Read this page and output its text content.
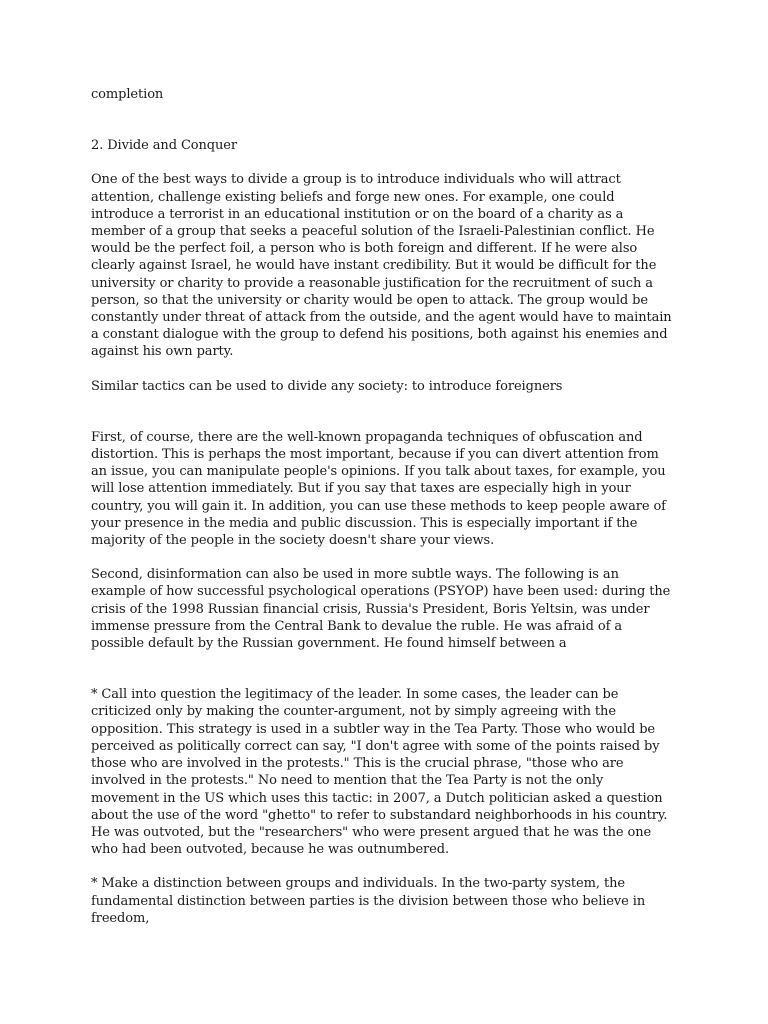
completion
2. Divide and Conquer
One of the best ways to divide a group is to introduce individuals who will attract
attention, challenge existing beliefs and forge new ones. For example, one could
introduce a terrorist in an educational institution or on the board of a charity as a
member of a group that seeks a peaceful solution of the Israeli-Palestinian conflict. He
would be the perfect foil, a person who is both foreign and different. If he were also
clearly against Israel, he would have instant credibility. But it would be difficult for the
university or charity to provide a reasonable justification for the recruitment of such a
person, so that the university or charity would be open to attack. The group would be
constantly under threat of attack from the outside, and the agent would have to maintain
a constant dialogue with the group to defend his positions, both against his enemies and
against his own party.
Similar tactics can be used to divide any society: to introduce foreigners
First, of course, there are the well-known propaganda techniques of obfuscation and
distortion. This is perhaps the most important, because if you can divert attention from
an issue, you can manipulate people's opinions. If you talk about taxes, for example, you
will lose attention immediately. But if you say that taxes are especially high in your
country, you will gain it. In addition, you can use these methods to keep people aware of
your presence in the media and public discussion. This is especially important if the
majority of the people in the society doesn't share your views.
Second, disinformation can also be used in more subtle ways. The following is an
example of how successful psychological operations (PSYOP) have been used: during the
crisis of the 1998 Russian financial crisis, Russia's President, Boris Yeltsin, was under
immense pressure from the Central Bank to devalue the ruble. He was afraid of a
possible default by the Russian government. He found himself between a
* Call into question the legitimacy of the leader. In some cases, the leader can be
criticized only by making the counter-argument, not by simply agreeing with the
opposition. This strategy is used in a subtler way in the Tea Party. Those who would be
perceived as politically correct can say, "I don't agree with some of the points raised by
those who are involved in the protests." This is the crucial phrase, "those who are
involved in the protests." No need to mention that the Tea Party is not the only
movement in the US which uses this tactic: in 2007, a Dutch politician asked a question
about the use of the word "ghetto" to refer to substandard neighborhoods in his country.
He was outvoted, but the "researchers" who were present argued that he was the one
who had been outvoted, because he was outnumbered.
* Make a distinction between groups and individuals. In the two-party system, the
fundamental distinction between parties is the division between those who believe in
freedom,
